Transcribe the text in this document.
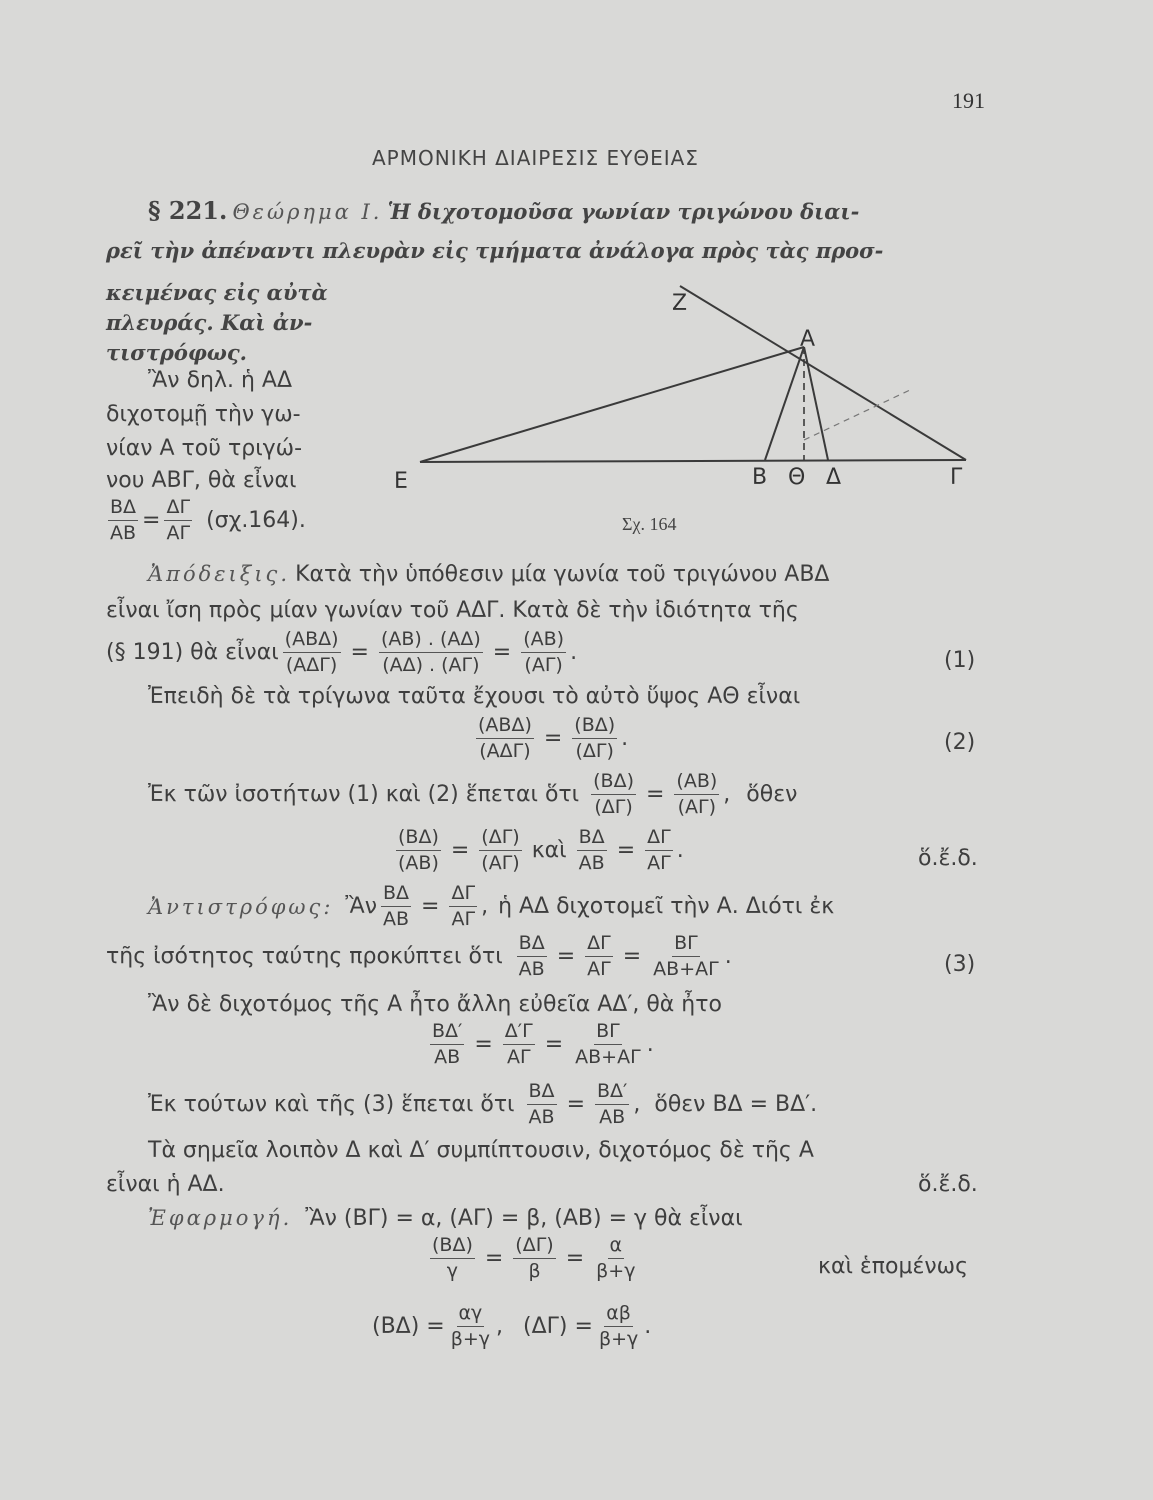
191
ΑΡΜΟΝΙΚΗ ΔΙΑΙΡΕΣΙΣ ΕΥΘΕΙΑΣ
§ 221. Θεώρημα I. Ἡ διχοτομοῦσα γωνίαν τριγώνου διαι-
ρεῖ τὴν ἀπέναντι πλευρὰν εἰς τμήματα ἀνάλογα πρὸς τὰς προσ-
κειμένας εἰς αὐτὰ
πλευράς. Καὶ ἀν-
τιστρόφως.
Ἂν δηλ. ἡ ΑΔ
διχοτομῇ τὴν γω-
νίαν Α τοῦ τριγώ-
νου ΑΒΓ, θὰ εἶναι
$\frac{B\Delta}{AB} = \frac{\Delta\Gamma}{A\Gamma} (\sigma\chi.164)$.
Ζ
Α
Ε	Β Θ Δ	Γ
Σχ. 164
Ἀπόδειξις. Κατὰ τὴν ὑπόθεσιν μία γωνία τοῦ τριγώνου ΑΒΔ
εἶναι ἴση πρὸς μίαν γωνίαν τοῦ ΑΔΓ. Κατὰ δὲ τὴν ἰδιότητα τῆς
(§ 191) θὰ εἶναι $\frac{\text{(ΑΒΔ)}}{\text{(ΑΔΓ)}} = \frac{(AB) . (A\Delta)}{(A\Delta) . (A\Gamma)} = \frac{(AB)}{(A\Gamma)}$ .	(1)
Ἐπειδὴ δὲ τὰ τρίγωνα ταῦτα ἔχουσι τὸ αὐτὸ ὕψος ΑΘ εἶναι
$\frac{\text{(ΑΒΔ)}}{\text{(ΑΔΓ)}} = \frac{(B\Delta)}{(\Delta\Gamma)}$ .	(2)
Ἐκ τῶν ἰσοτήτων (1) καὶ (2) ἕπεται ὅτι $\frac{(B\Delta)}{(\Delta\Gamma)} = \frac{(AB)}{(A\Gamma)}$ , ὅθεν
$\frac{(B\Delta)}{(AB)} = \frac{(\Delta\Gamma)}{(A\Gamma)}$ καὶ $\frac{B\Delta}{AB} = \frac{\Delta\Gamma}{A\Gamma}$ .	ὅ.ἔ.δ.
Ἀντιστρόφως: Ἂν $\frac{B\Delta}{AB} = \frac{\Delta\Gamma}{A\Gamma}$ , ἡ ΑΔ διχοτομεῖ τὴν Α. Διότι ἐκ
τῆς ἰσότητος ταύτης προκύπτει ὅτι $\frac{B\Delta}{AB} = \frac{\Delta\Gamma}{A\Gamma} = \frac{B\Gamma}{AB+A\Gamma}$ .	(3)
Ἂν δὲ διχοτόμος τῆς Α ἦτο ἄλλη εὐθεῖα ΑΔ′, θὰ ἦτο
$\frac{B\Delta'}{AB} = \frac{\Delta'\Gamma}{A\Gamma} = \frac{B\Gamma}{AB+A\Gamma}$ .
Ἐκ τούτων καὶ τῆς (3) ἕπεται ὅτι $\frac{B\Delta}{AB} = \frac{B\Delta'}{AB}$ , ὅθεν ΒΔ = ΒΔ′.
Τὰ σημεῖα λοιπὸν Δ καὶ Δ′ συμπίπτουσιν, διχοτόμος δὲ τῆς Α
εἶναι ἡ ΑΔ.	ὅ.ἔ.δ.
Ἐφαρμογή. Ἂν (ΒΓ) = α, (ΑΓ) = β, (ΑΒ) = γ θὰ εἶναι
$\frac{(B\Delta)}{\gamma} = \frac{(\Delta\Gamma)}{\beta} = \frac{\alpha}{\beta+\gamma}$	καὶ ἑπομένως
$(B\Delta) = \frac{\alpha\gamma}{\beta+\gamma}$ , $(\Delta\Gamma) = \frac{\alpha\beta}{\beta+\gamma}$ .
